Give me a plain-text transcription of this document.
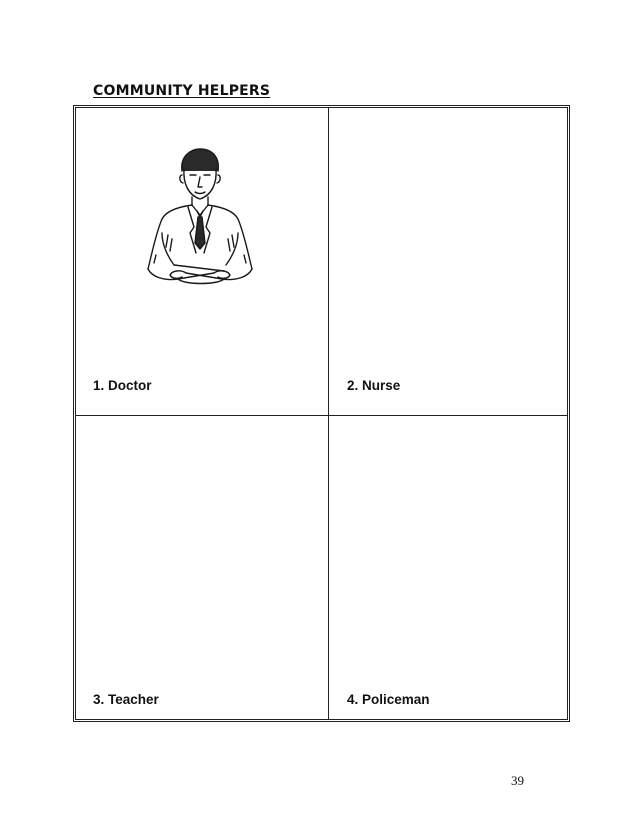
COMMUNITY HELPERS
1. Doctor	2. Nurse
3. Teacher	4. Policeman
39
